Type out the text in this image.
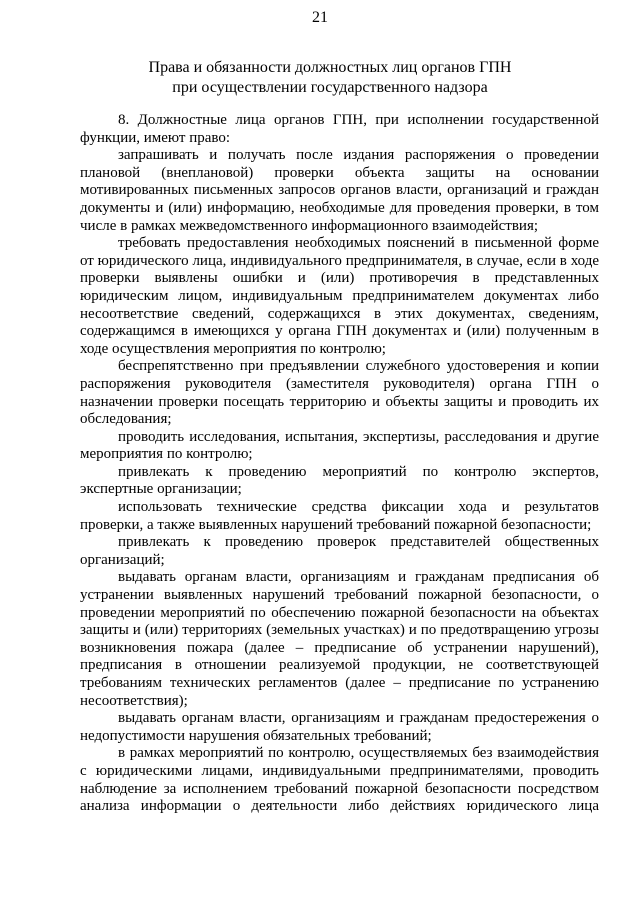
21
Права и обязанности должностных лиц органов ГПН
при осуществлении государственного надзора

8. Должностные лица органов ГПН, при исполнении государственной функции, имеют право:

запрашивать и получать после издания распоряжения о проведении плановой (внеплановой) проверки объекта защиты на основании мотивированных письменных запросов органов власти, организаций и граждан документы и (или) информацию, необходимые для проведения проверки, в том числе в рамках межведомственного информационного взаимодействия;

требовать предоставления необходимых пояснений в письменной форме от юридического лица, индивидуального предпринимателя, в случае, если в ходе проверки выявлены ошибки и (или) противоречия в представленных юридическим лицом, индивидуальным предпринимателем документах либо несоответствие сведений, содержащихся в этих документах, сведениям, содержащимся в имеющихся у органа ГПН документах и (или) полученным в ходе осуществления мероприятия по контролю;

беспрепятственно при предъявлении служебного удостоверения и копии распоряжения руководителя (заместителя руководителя) органа ГПН о назначении проверки посещать территорию и объекты защиты и проводить их обследования;

проводить исследования, испытания, экспертизы, расследования и другие мероприятия по контролю;

привлекать к проведению мероприятий по контролю экспертов, экспертные организации;

использовать технические средства фиксации хода и результатов проверки, а также выявленных нарушений требований пожарной безопасности;

привлекать к проведению проверок представителей общественных организаций;

выдавать органам власти, организациям и гражданам предписания об устранении выявленных нарушений требований пожарной безопасности, о проведении мероприятий по обеспечению пожарной безопасности на объектах защиты и (или) территориях (земельных участках) и по предотвращению угрозы возникновения пожара (далее – предписание об устранении нарушений), предписания в отношении реализуемой продукции, не соответствующей требованиям технических регламентов (далее – предписание по устранению несоответствия);

выдавать органам власти, организациям и гражданам предостережения о недопустимости нарушения обязательных требований;

в рамках мероприятий по контролю, осуществляемых без взаимодействия с юридическими лицами, индивидуальными предпринимателями, проводить наблюдение за исполнением требований пожарной безопасности посредством анализа информации о деятельности либо действиях юридического лица
